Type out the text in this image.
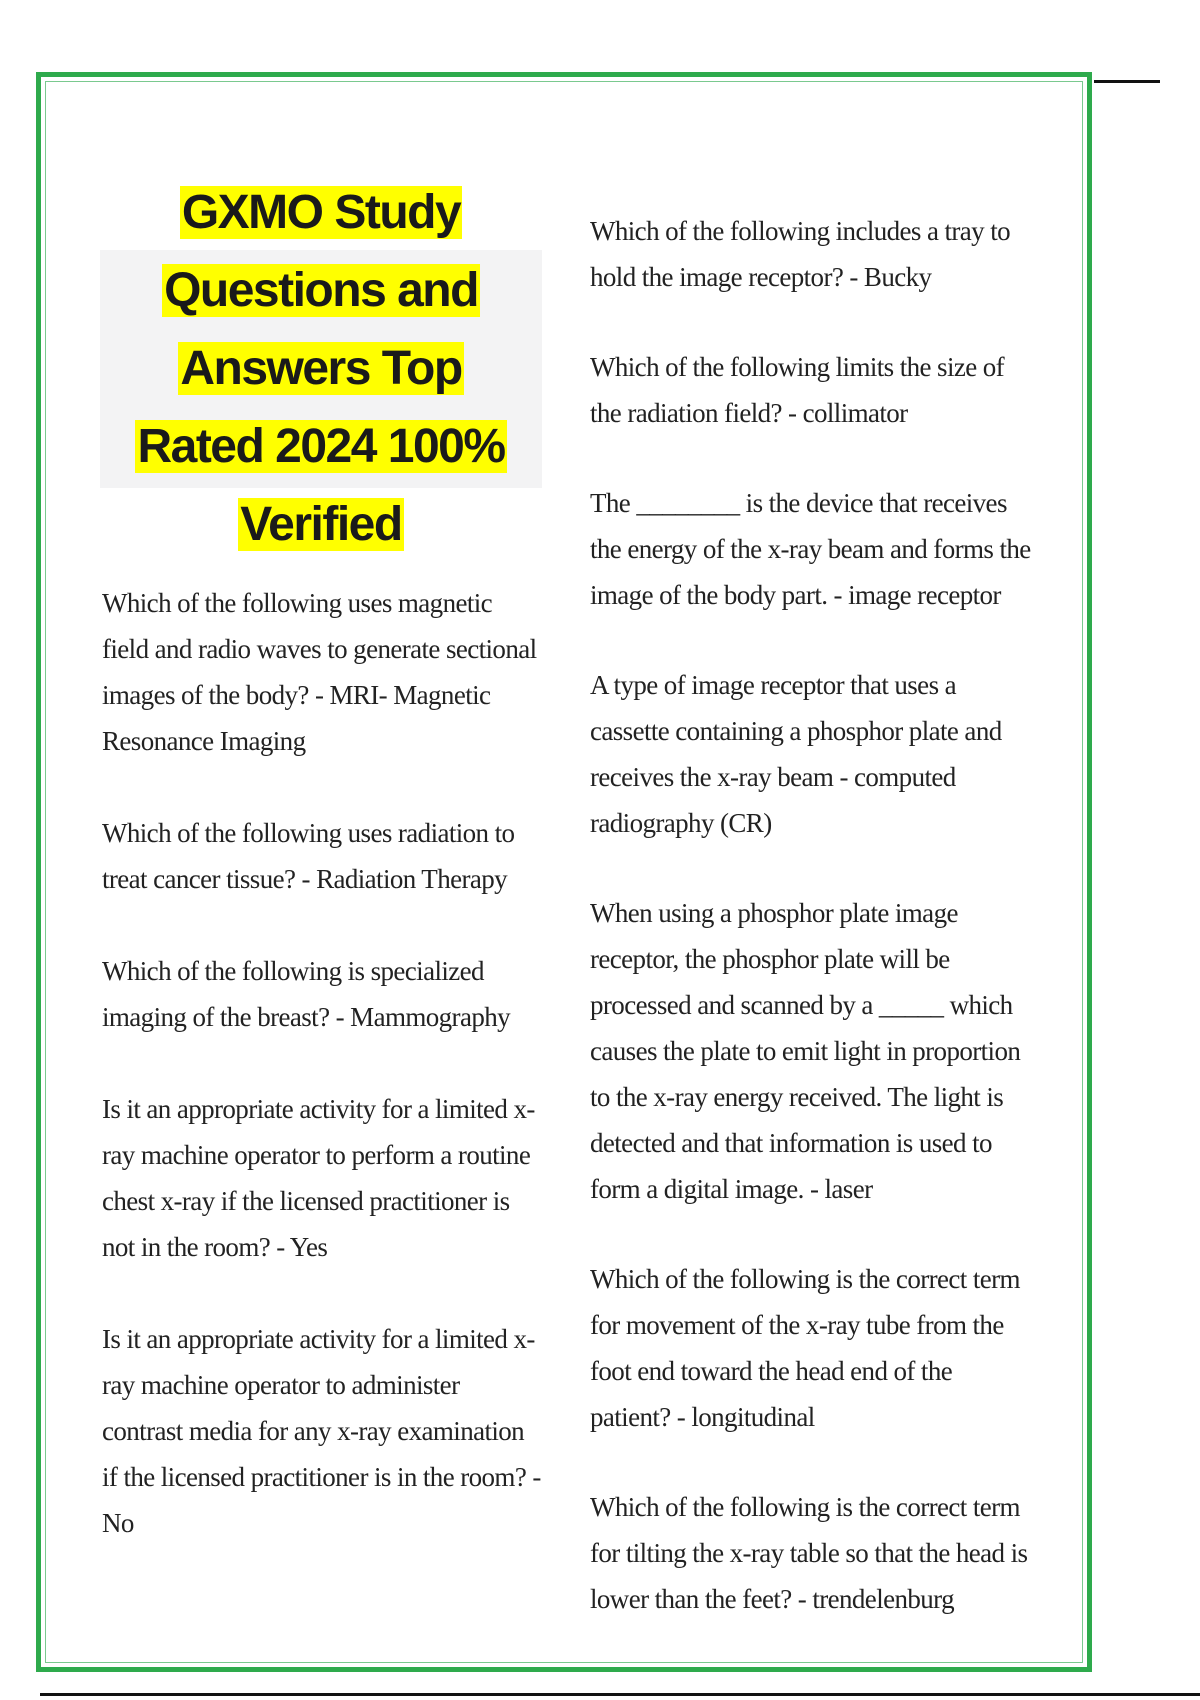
GXMO Study Questions and Answers Top Rated 2024 100% Verified

Which of the following uses magnetic field and radio waves to generate sectional images of the body? - MRI- Magnetic Resonance Imaging

Which of the following uses radiation to treat cancer tissue? - Radiation Therapy

Which of the following is specialized imaging of the breast? - Mammography

Is it an appropriate activity for a limited x-ray machine operator to perform a routine chest x-ray if the licensed practitioner is not in the room? - Yes

Is it an appropriate activity for a limited x-ray machine operator to administer contrast media for any x-ray examination if the licensed practitioner is in the room? - No

Which of the following includes a tray to hold the image receptor? - Bucky

Which of the following limits the size of the radiation field? - collimator

The ________ is the device that receives the energy of the x-ray beam and forms the image of the body part. - image receptor

A type of image receptor that uses a cassette containing a phosphor plate and receives the x-ray beam - computed radiography (CR)

When using a phosphor plate image receptor, the phosphor plate will be processed and scanned by a _____ which causes the plate to emit light in proportion to the x-ray energy received. The light is detected and that information is used to form a digital image. - laser

Which of the following is the correct term for movement of the x-ray tube from the foot end toward the head end of the patient? - longitudinal

Which of the following is the correct term for tilting the x-ray table so that the head is lower than the feet? - trendelenburg
